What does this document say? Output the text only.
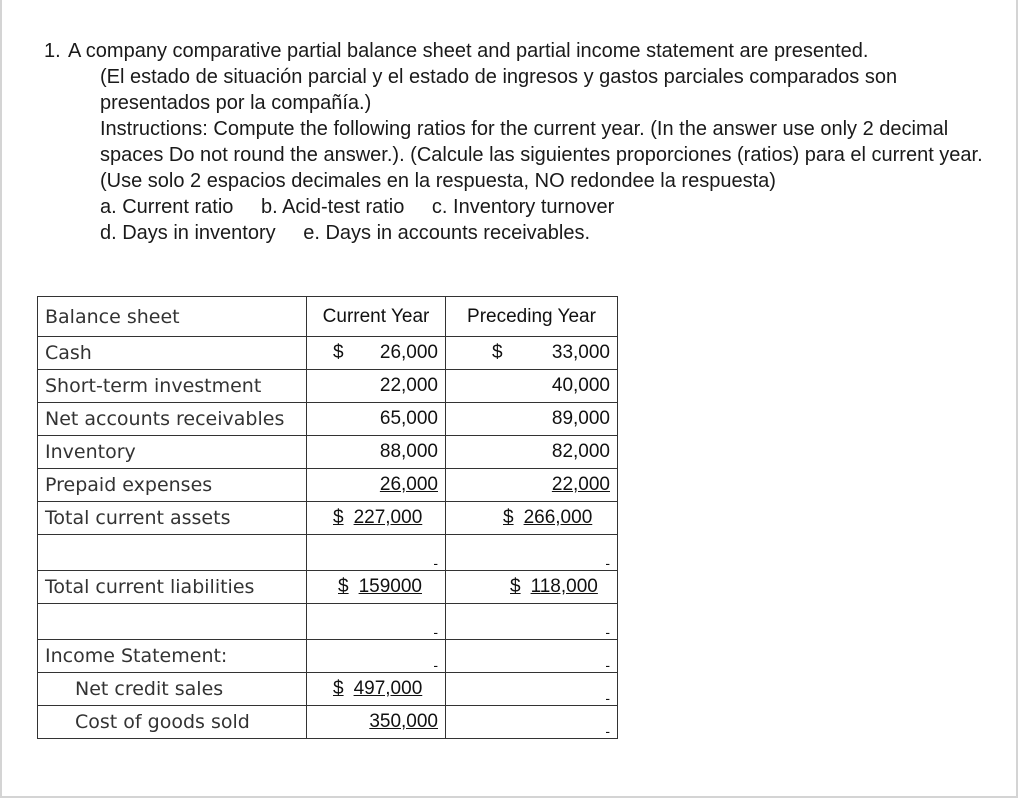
1. A company comparative partial balance sheet and partial income statement are presented.
(El estado de situación parcial y el estado de ingresos y gastos parciales comparados son presentados por la compañía.)
Instructions: Compute the following ratios for the current year. (In the answer use only 2 decimal spaces Do not round the answer.). (Calcule las siguientes proporciones (ratios) para el current year. (Use solo 2 espacios decimales en la respuesta, NO redondee la respuesta)
a. Current ratio b. Acid-test ratio c. Inventory turnover
d. Days in inventory e. Days in accounts receivables.
Balance sheet	Current Year	Preceding Year
Cash	$ 26,000	$ 33,000

Short-term investment	22,000	40,000
Net accounts receivables	65,000	89,000
Inventory	88,000	82,000
Prepaid expenses	26,000	22,000
Total current assets	$ 227,000	$ 266,000

	-	-
Total current liabilities	$ 159000	$ 118,000

	-	-
Income Statement:	-	-
Net credit sales	$ 497,000	-
Cost of goods sold	350,000	-
